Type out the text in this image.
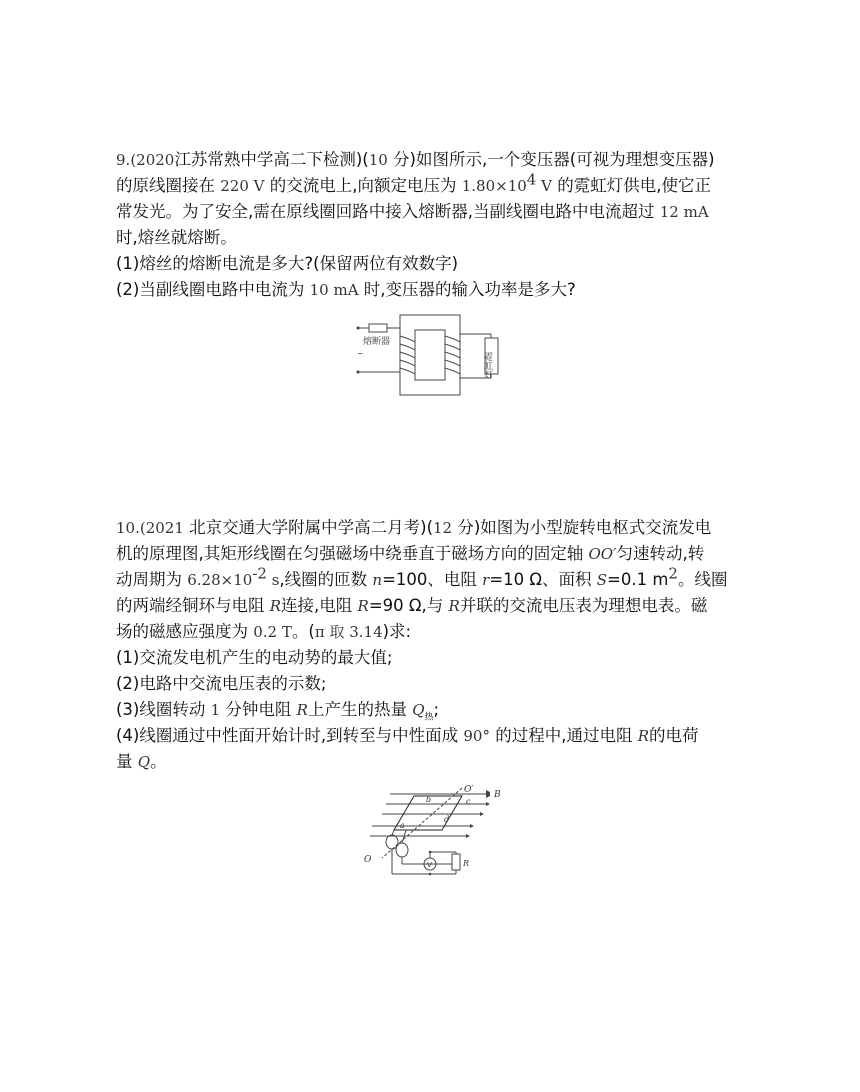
9.(2020江苏常熟中学高二下检测)(10 分)如图所示,一个变压器(可视为理想变压器)

的原线圈接在 220 V 的交流电上,向额定电压为 $1.80\times 10^4$ V 的霓虹灯供电,使它正

常发光。为了安全,需在原线圈回路中接入熔断器,当副线圈电路中电流超过 12 mA

时,熔丝就熔断。

(1)熔丝的熔断电流是多大?(保留两位有效数字)

(2)当副线圈电路中电流为 10 mA 时,变压器的输入功率是多大?

熔断器
~	霓虹灯

10.(2021 北京交通大学附属中学高二月考)(12 分)如图为小型旋转电枢式交流发电

机的原理图,其矩形线圈在匀强磁场中绕垂直于磁场方向的固定轴 OO′匀速转动,转

动周期为 $6.28\times 10^{-2}$ s,线圈的匝数 n=100、电阻 r=10 Ω、面积 S=0.1 $m^2$。线圈

的两端经铜环与电阻 R连接,电阻 R=90 Ω,与 R并联的交流电压表为理想电表。磁

场的磁感应强度为 0.2 T。(π 取 3.14)求:

(1)交流发电机产生的电动势的最大值;

(2)电路中交流电压表的示数;

(3)线圈转动 1 分钟电阻 R上产生的热量 $Q_热$;

(4)线圈通过中性面开始计时,到转至与中性面成 90° 的过程中,通过电阻 R的电荷

量 Q。

O′
O
B
a
b	c
d
V	R
